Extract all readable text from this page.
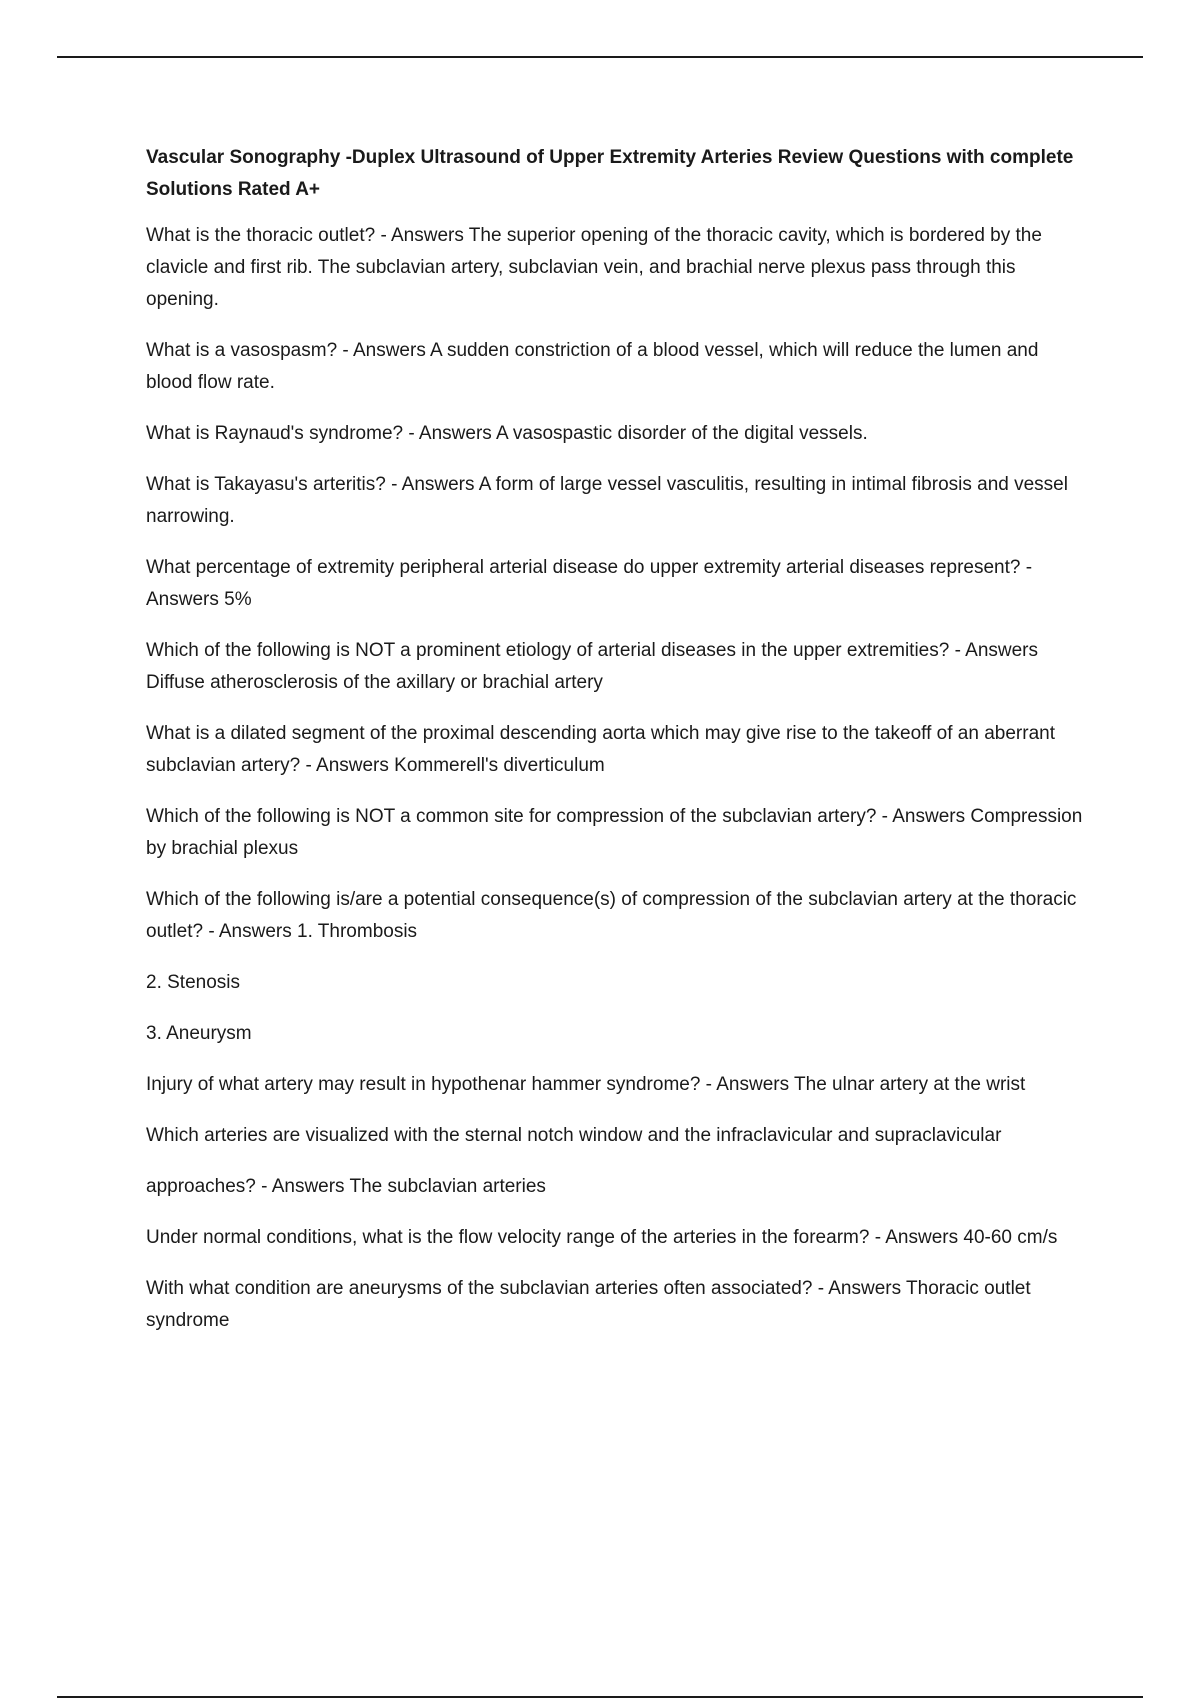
Vascular Sonography -Duplex Ultrasound of Upper Extremity Arteries Review Questions with complete Solutions Rated A+

What is the thoracic outlet? - Answers The superior opening of the thoracic cavity, which is bordered by the clavicle and first rib. The subclavian artery, subclavian vein, and brachial nerve plexus pass through this opening.

What is a vasospasm? - Answers A sudden constriction of a blood vessel, which will reduce the lumen and blood flow rate.

What is Raynaud's syndrome? - Answers A vasospastic disorder of the digital vessels.

What is Takayasu's arteritis? - Answers A form of large vessel vasculitis, resulting in intimal fibrosis and vessel narrowing.

What percentage of extremity peripheral arterial disease do upper extremity arterial diseases represent? - Answers 5%

Which of the following is NOT a prominent etiology of arterial diseases in the upper extremities? - Answers Diffuse atherosclerosis of the axillary or brachial artery

What is a dilated segment of the proximal descending aorta which may give rise to the takeoff of an aberrant subclavian artery? - Answers Kommerell's diverticulum

Which of the following is NOT a common site for compression of the subclavian artery? - Answers Compression by brachial plexus

Which of the following is/are a potential consequence(s) of compression of the subclavian artery at the thoracic outlet? - Answers 1. Thrombosis

2. Stenosis

3. Aneurysm

Injury of what artery may result in hypothenar hammer syndrome? - Answers The ulnar artery at the wrist

Which arteries are visualized with the sternal notch window and the infraclavicular and supraclavicular

approaches? - Answers The subclavian arteries

Under normal conditions, what is the flow velocity range of the arteries in the forearm? - Answers 40-60 cm/s

With what condition are aneurysms of the subclavian arteries often associated? - Answers Thoracic outlet syndrome
